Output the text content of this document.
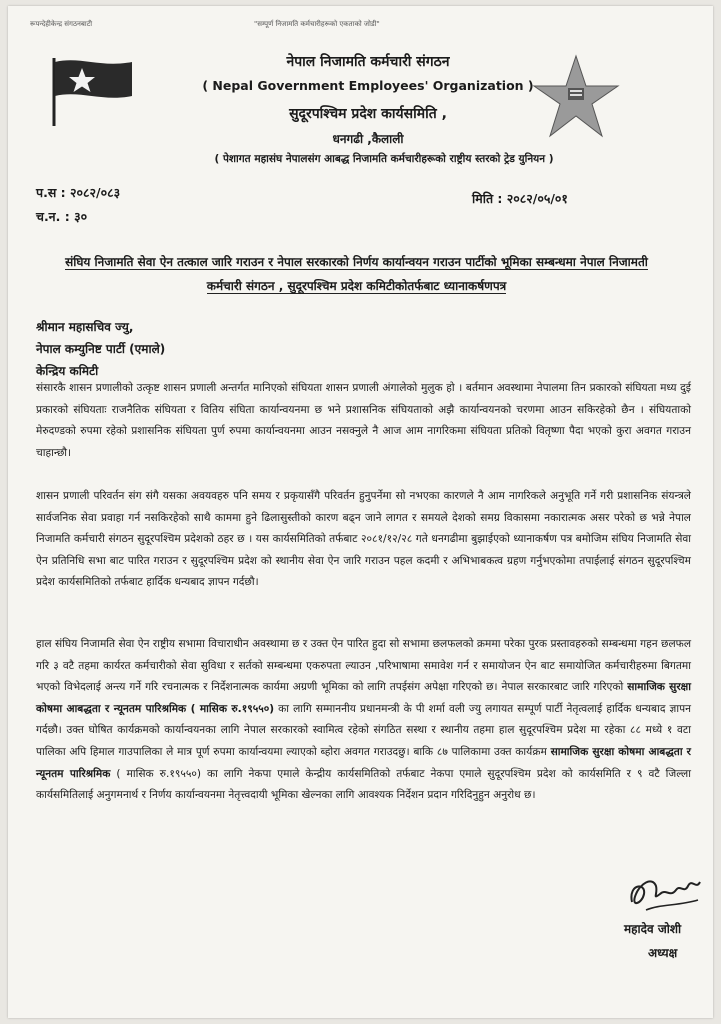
रूपन्देहीकेन्द्र संगठनबाटी	"सम्पूर्ण निजामति कर्मचारीहरूको एकताको जोडी"
नेपाल निजामति कर्मचारी संगठन
( Nepal Government Employees' Organization )
सुदूरपश्चिम प्रदेश कार्यसमिति ,
धनगढी ,कैलाली
( पेशागत महासंघ नेपालसंग आबद्ध निजामति कर्मचारीहरूको राष्ट्रीय स्तरको ट्रेड युनियन )
प.स : २०८२/०८३
च.न. : ३०
मिति : २०८२/०५/०१
संघिय निजामति सेवा ऐन तत्काल जारि गराउन र नेपाल सरकारको निर्णय कार्यान्वयन गराउन पार्टीको भूमिका सम्बन्धमा नेपाल निजामती कर्मचारी संगठन , सुदूरपश्चिम प्रदेश कमिटीकोतर्फबाट ध्यानाकर्षणपत्र
श्रीमान महासचिव ज्यु,
नेपाल कम्युनिष्ट पार्टी (एमाले)
केन्द्रिय कमिटी
संसारकै शासन प्रणालीको उत्कृष्ट शासन प्रणाली अन्तर्गत मानिएको संघियता शासन प्रणाली अंगालेको मुलुक हो । बर्तमान अवस्थामा नेपालमा तिन प्रकारको संघियता मध्य दुई प्रकारको संघियताः राजनैतिक संघियता र वितिय संघिता कार्यान्वयनमा छ भने प्रशासनिक संघियताको अझै कार्यान्वयनको चरणमा आउन सकिरहेको छैन । संघियताको मेरुदण्डको रुपमा रहेको प्रशासनिक संघियता पुर्ण रुपमा कार्यान्वयनमा आउन नसक्नुले नै आज आम नागरिकमा संघियता प्रतिको वितृष्णा पैदा भएको कुरा अवगत गराउन चाहान्छौ।
शासन प्रणाली परिवर्तन संग संगै यसका अवयवहरु पनि समय र प्रकृयासँगै परिवर्तन हुनुपर्नेमा सो नभएका कारणले नै आम नागरिकले अनुभूति गर्ने गरी प्रशासनिक संयन्त्रले सार्वजनिक सेवा प्रवाहा गर्न नसकिरहेको साथै काममा हुने ढिलासुस्तीको कारण बढ्न जाने लागत र समयले देशको समग्र विकासमा नकारात्मक असर परेको छ भन्ने नेपाल निजामति कर्मचारी संगठन सुदूरपश्चिम प्रदेशको ठहर छ । यस कार्यसमितिको तर्फबाट २०८१/१२/२८ गते धनगढीमा बुझाईएको ध्यानाकर्षण पत्र बमोजिम संघिय निजामति सेवा ऐन प्रतिनिधि सभा बाट पारित गराउन र सुदूरपश्चिम प्रदेश को स्थानीय सेवा ऐन जारि गराउन पहल कदमी र अभिभाबकत्व ग्रहण गर्नुभएकोमा तपाईलाई संगठन सुदूरपश्चिम प्रदेश कार्यसमितिको तर्फबाट हार्दिक धन्यबाद ज्ञापन गर्दछौ।
हाल संघिय निजामति सेवा ऐन राष्ट्रीय सभामा विचाराधीन अवस्थामा छ र उक्त ऐन पारित हुदा सो सभामा छलफलको क्रममा परेका पुरक प्रस्तावहरुको सम्बन्धमा गहन छलफल गरि ३ वटै तहमा कार्यरत कर्मचारीको सेवा सुविधा र सर्तको सम्बन्धमा एकरुपता ल्याउन ,परिभाषामा समावेश गर्न र समायोजन ऐन बाट समायोजित कर्मचारीहरुमा बिगतमा भएको विभेदलाई अन्त्य गर्ने गरि रचनात्मक र निर्देशनात्मक कार्यमा अग्रणी भूमिका को लागि तपईसंग अपेक्षा गरिएको छ। नेपाल सरकारबाट जारि गरिएको सामाजिक सुरक्षा कोषमा आबद्धता र न्यूनतम पारिश्रमिक ( मासिक रु.१९५५०) का लागि सम्माननीय प्रधानमन्त्री के पी शर्मा वली ज्यु लगायत सम्पूर्ण पार्टी नेतृत्वलाई हार्दिक धन्यबाद ज्ञापन गर्दछौ। उक्त घोषित कार्यक्रमको कार्यान्वयनका लागि नेपाल सरकारको स्वामित्व रहेको संगठित सस्था र स्थानीय तहमा हाल सुदूरपश्चिम प्रदेश मा रहेका ८८ मध्ये १ वटा पालिका अपि हिमाल गाउपालिका ले मात्र पूर्ण रुपमा कार्यान्वयमा ल्याएको ब्होरा अवगत गराउदछु। बाकि ८७ पालिकामा उक्त कार्यक्रम सामाजिक सुरक्षा कोषमा आबद्धता र न्यूनतम पारिश्रमिक ( मासिक रु.१९५५०) का लागि नेकपा एमाले केन्द्रीय कार्यसमितिको तर्फबाट नेकपा एमाले सुदूरपश्चिम प्रदेश को कार्यसमिति र ९ वटै जिल्ला कार्यसमितिलाई अनुगमनार्थ र निर्णय कार्यान्वयनमा नेतृत्त्वदायी भूमिका खेल्नका लागि आवश्यक निर्देशन प्रदान गरिदिनुहुन अनुरोध छ।
महादेव जोशी
अध्यक्ष
